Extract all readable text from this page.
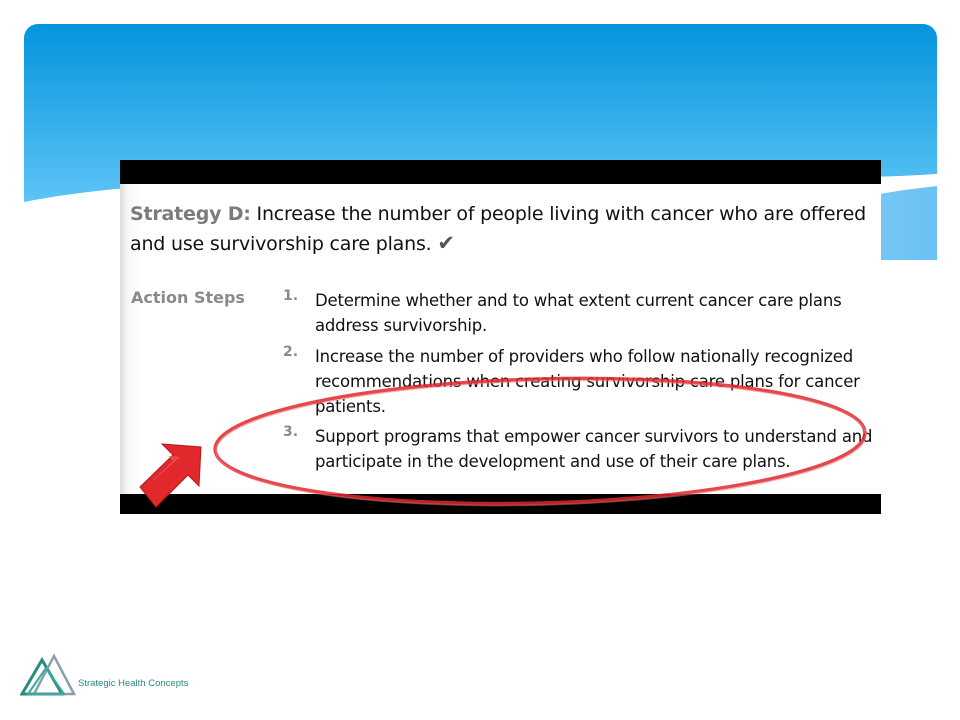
Strategy D: Increase the number of people living with cancer who are offered and use survivorship care plans. ✔
Action Steps	1. Determine whether and to what extent current cancer care plans address survivorship.
2. Increase the number of providers who follow nationally recognized recommendations when creating survivorship care plans for cancer patients.
3. Support programs that empower cancer survivors to understand and participate in the development and use of their care plans.
Strategic Health Concepts
